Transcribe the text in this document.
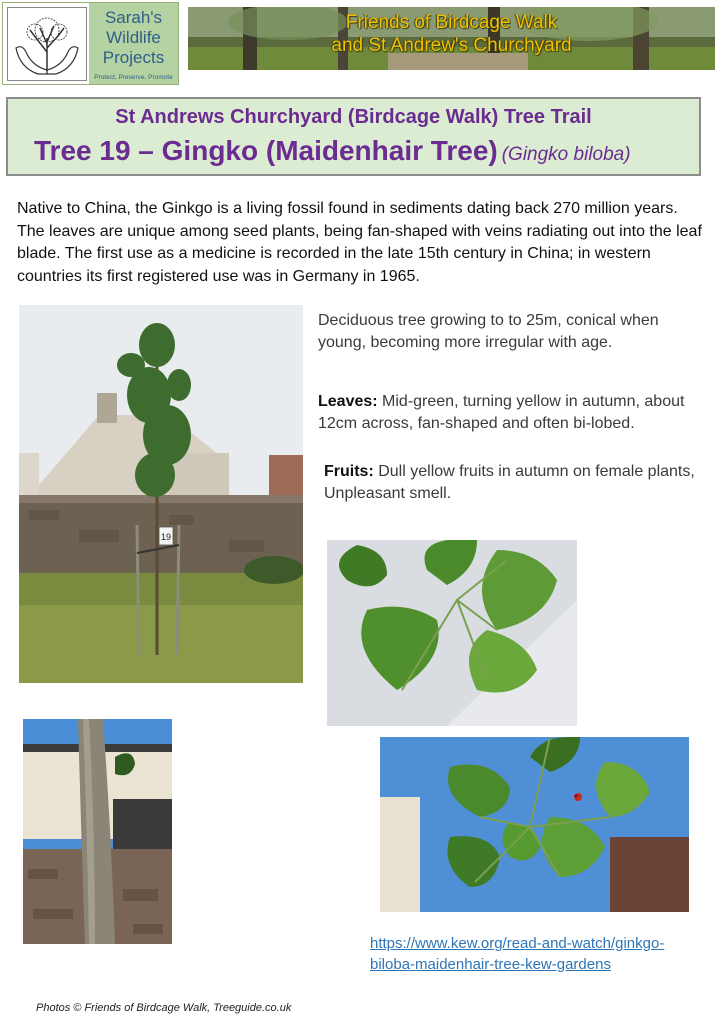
Sarah's
Wildlife
Projects
Protect, Preserve, Promote
Friends of Birdcage Walk
and St Andrew's Churchyard
St Andrews Churchyard (Birdcage Walk) Tree Trail
Tree 19 – Gingko (Maidenhair Tree) (Gingko biloba)
Native to China, the Ginkgo is a living fossil found in sediments dating back 270 million years. The leaves are unique among seed plants, being fan-shaped with veins radiating out into the leaf blade. The first use as a medicine is recorded in the late 15th century in China; in western countries its first registered use was in Germany in 1965.
19
Deciduous tree growing to to 25m, conical when young, becoming more irregular with age.
Leaves: Mid-green, turning yellow in autumn, about 12cm across, fan-shaped and often bi-lobed.
Fruits: Dull yellow fruits in autumn on female plants, Unpleasant smell.
https://www.kew.org/read-and-watch/ginkgo-biloba-maidenhair-tree-kew-gardens
Photos © Friends of Birdcage Walk, Treeguide.co.uk
